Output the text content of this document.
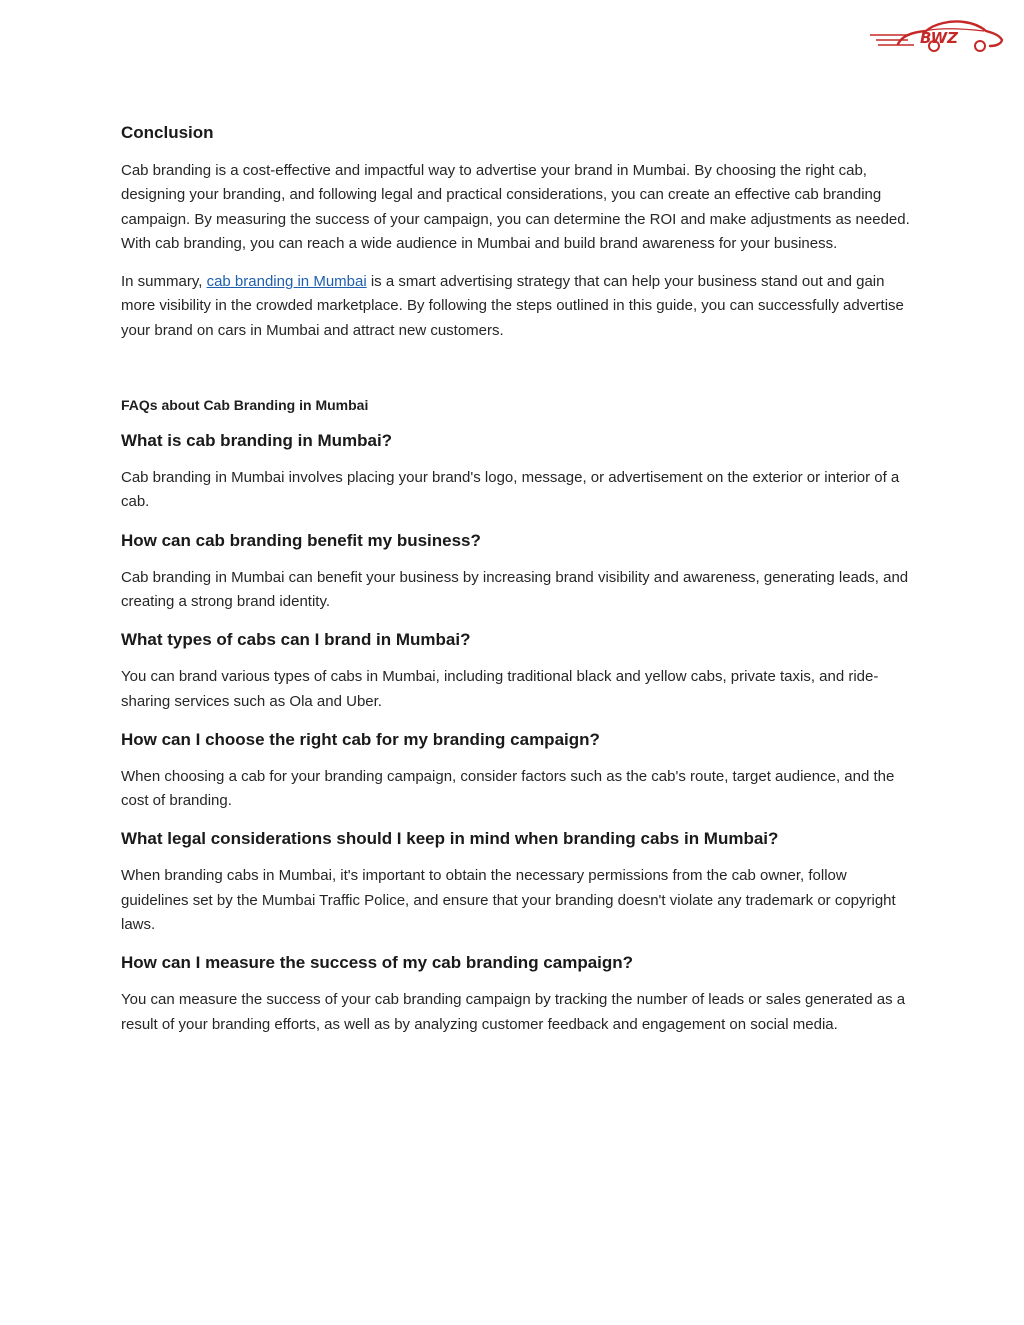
BWZ
Conclusion

Cab branding is a cost-effective and impactful way to advertise your brand in Mumbai. By choosing the right cab, designing your branding, and following legal and practical considerations, you can create an effective cab branding campaign. By measuring the success of your campaign, you can determine the ROI and make adjustments as needed. With cab branding, you can reach a wide audience in Mumbai and build brand awareness for your business.

In summary, cab branding in Mumbai is a smart advertising strategy that can help your business stand out and gain more visibility in the crowded marketplace. By following the steps outlined in this guide, you can successfully advertise your brand on cars in Mumbai and attract new customers.

FAQs about Cab Branding in Mumbai
What is cab branding in Mumbai?

Cab branding in Mumbai involves placing your brand's logo, message, or advertisement on the exterior or interior of a cab.

How can cab branding benefit my business?

Cab branding in Mumbai can benefit your business by increasing brand visibility and awareness, generating leads, and creating a strong brand identity.

What types of cabs can I brand in Mumbai?

You can brand various types of cabs in Mumbai, including traditional black and yellow cabs, private taxis, and ride-sharing services such as Ola and Uber.

How can I choose the right cab for my branding campaign?

When choosing a cab for your branding campaign, consider factors such as the cab's route, target audience, and the cost of branding.

What legal considerations should I keep in mind when branding cabs in Mumbai?

When branding cabs in Mumbai, it's important to obtain the necessary permissions from the cab owner, follow guidelines set by the Mumbai Traffic Police, and ensure that your branding doesn't violate any trademark or copyright laws.

How can I measure the success of my cab branding campaign?

You can measure the success of your cab branding campaign by tracking the number of leads or sales generated as a result of your branding efforts, as well as by analyzing customer feedback and engagement on social media.
